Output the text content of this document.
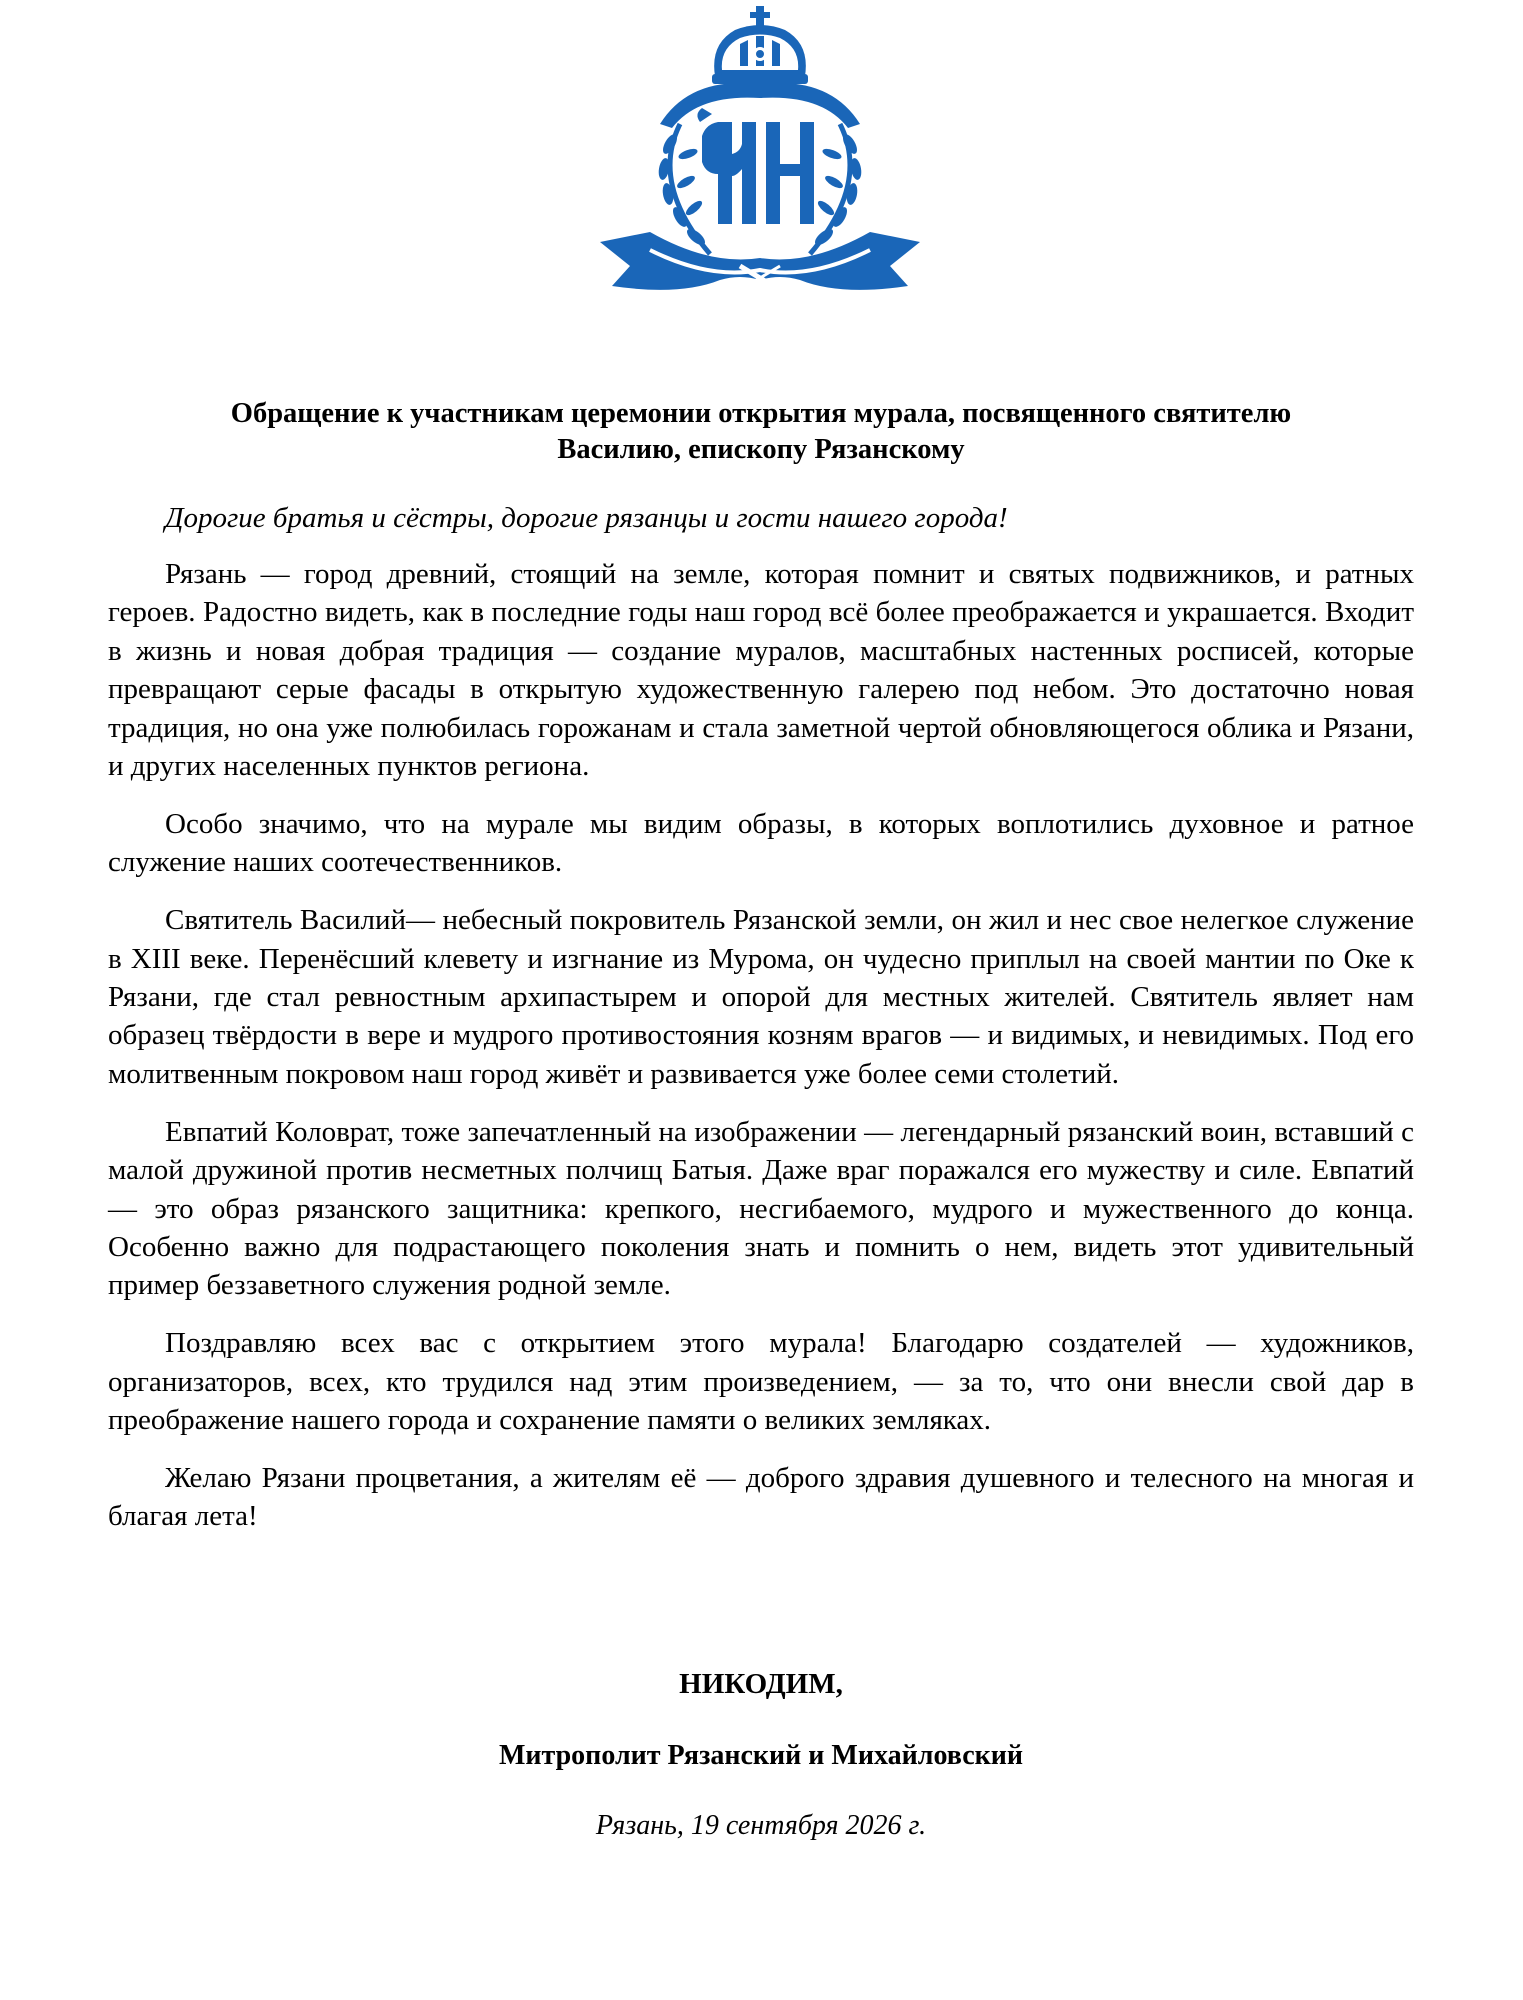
Обращение к участникам церемонии открытия мурала, посвященного святителю
Василию, епископу Рязанскому
Дорогие братья и сёстры, дорогие рязанцы и гости нашего города!

Рязань — город древний, стоящий на земле, которая помнит и святых подвижников, и ратных героев. Радостно видеть, как в последние годы наш город всё более преображается и украшается. Входит в жизнь и новая добрая традиция — создание муралов, масштабных настенных росписей, которые превращают серые фасады в открытую художественную галерею под небом. Это достаточно новая традиция, но она уже полюбилась горожанам и стала заметной чертой обновляющегося облика и Рязани, и других населенных пунктов региона.

Особо значимо, что на мурале мы видим образы, в которых воплотились духовное и ратное служение наших соотечественников.

Святитель Василий— небесный покровитель Рязанской земли, он жил и нес свое нелегкое служение в XIII веке. Перенёсший клевету и изгнание из Мурома, он чудесно приплыл на своей мантии по Оке к Рязани, где стал ревностным архипастырем и опорой для местных жителей. Святитель являет нам образец твёрдости в вере и мудрого противостояния козням врагов — и видимых, и невидимых. Под его молитвенным покровом наш город живёт и развивается уже более семи столетий.

Евпатий Коловрат, тоже запечатленный на изображении — легендарный рязанский воин, вставший с малой дружиной против несметных полчищ Батыя. Даже враг поражался его мужеству и силе. Евпатий — это образ рязанского защитника: крепкого, несгибаемого, мудрого и мужественного до конца. Особенно важно для подрастающего поколения знать и помнить о нем, видеть этот удивительный пример беззаветного служения родной земле.

Поздравляю всех вас с открытием этого мурала! Благодарю создателей — художников, организаторов, всех, кто трудился над этим произведением, — за то, что они внесли свой дар в преображение нашего города и сохранение памяти о великих земляках.

Желаю Рязани процветания, а жителям её — доброго здравия душевного и телесного на многая и благая лета!

НИКОДИМ,
Митрополит Рязанский и Михайловский
Рязань, 19 сентября 2026 г.
